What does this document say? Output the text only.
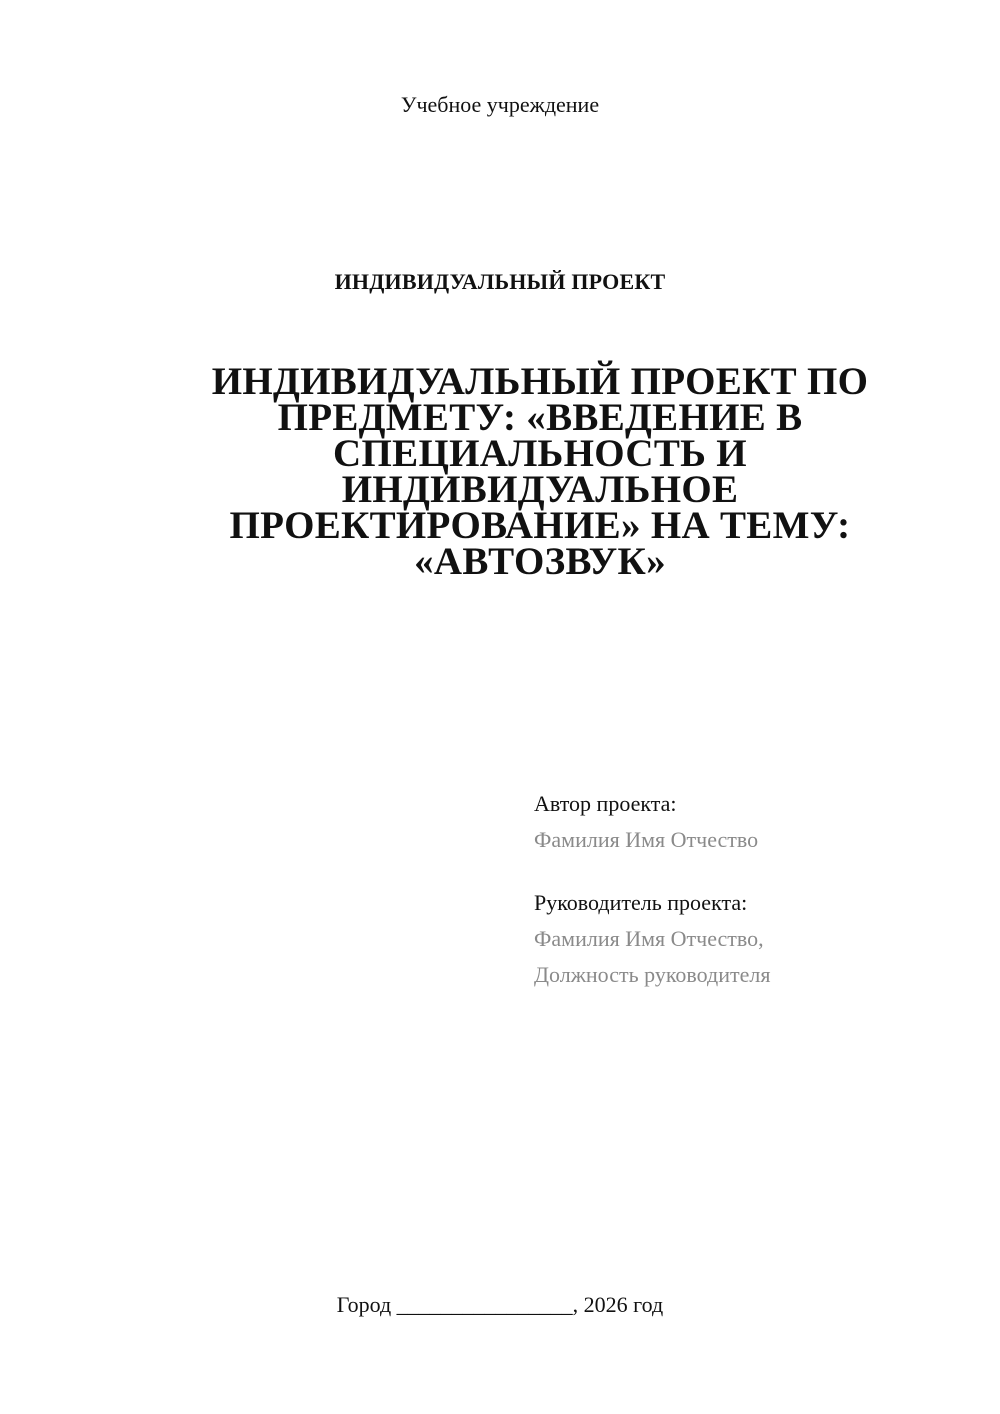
Учебное учреждение
ИНДИВИДУАЛЬНЫЙ ПРОЕКТ
ИНДИВИДУАЛЬНЫЙ ПРОЕКТ ПО
ПРЕДМЕТУ: «ВВЕДЕНИЕ В
СПЕЦИАЛЬНОСТЬ И
ИНДИВИДУАЛЬНОЕ
ПРОЕКТИРОВАНИЕ» НА ТЕМУ:
«АВТОЗВУК»
Автор проекта:
Фамилия Имя Отчество
Руководитель проекта:
Фамилия Имя Отчество,
Должность руководителя
Город ________________, 2026 год
